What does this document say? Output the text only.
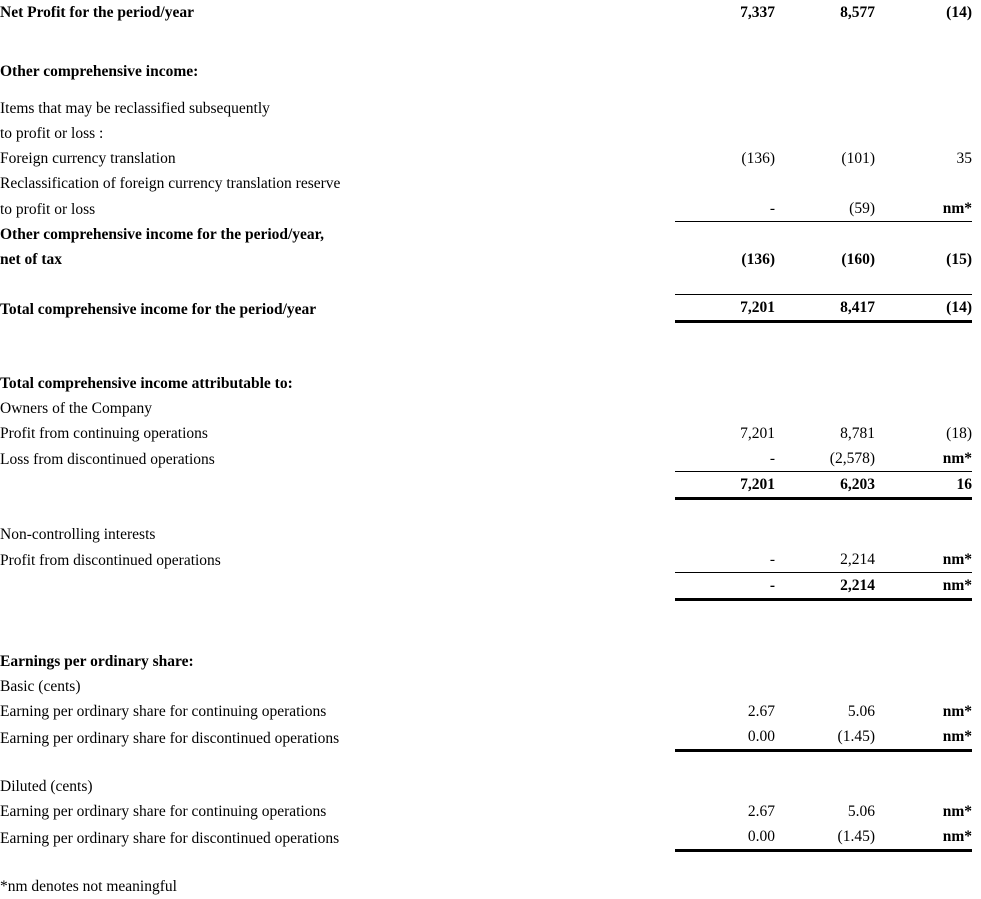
Net Profit for the period/year	7,337	8,577	(14)	

Other comprehensive income:				

Items that may be reclassified subsequently				
to profit or loss :				
Foreign currency translation	(136)	(101)	35	
Reclassification of foreign currency translation reserve				
to profit or loss	-	(59)	nm*	
Other comprehensive income for the period/year,				
net of tax	(136)	(160)	(15)	

Total comprehensive income for the period/year	7,201	8,417	(14)	

Total comprehensive income attributable to:				
Owners of the Company				
Profit from continuing operations	7,201	8,781	(18)	
Loss from discontinued operations	-	(2,578)	nm*	
	7,201	6,203	16	

Non-controlling interests				
Profit from discontinued operations	-	2,214	nm*	
	-	2,214	nm*	

Earnings per ordinary share:				
Basic (cents)				
Earning per ordinary share for continuing operations	2.67	5.06	nm*	
Earning per ordinary share for discontinued operations	0.00	(1.45)	nm*	

Diluted (cents)				
Earning per ordinary share for continuing operations	2.67	5.06	nm*	
Earning per ordinary share for discontinued operations	0.00	(1.45)	nm*	

*nm denotes not meaningful				
